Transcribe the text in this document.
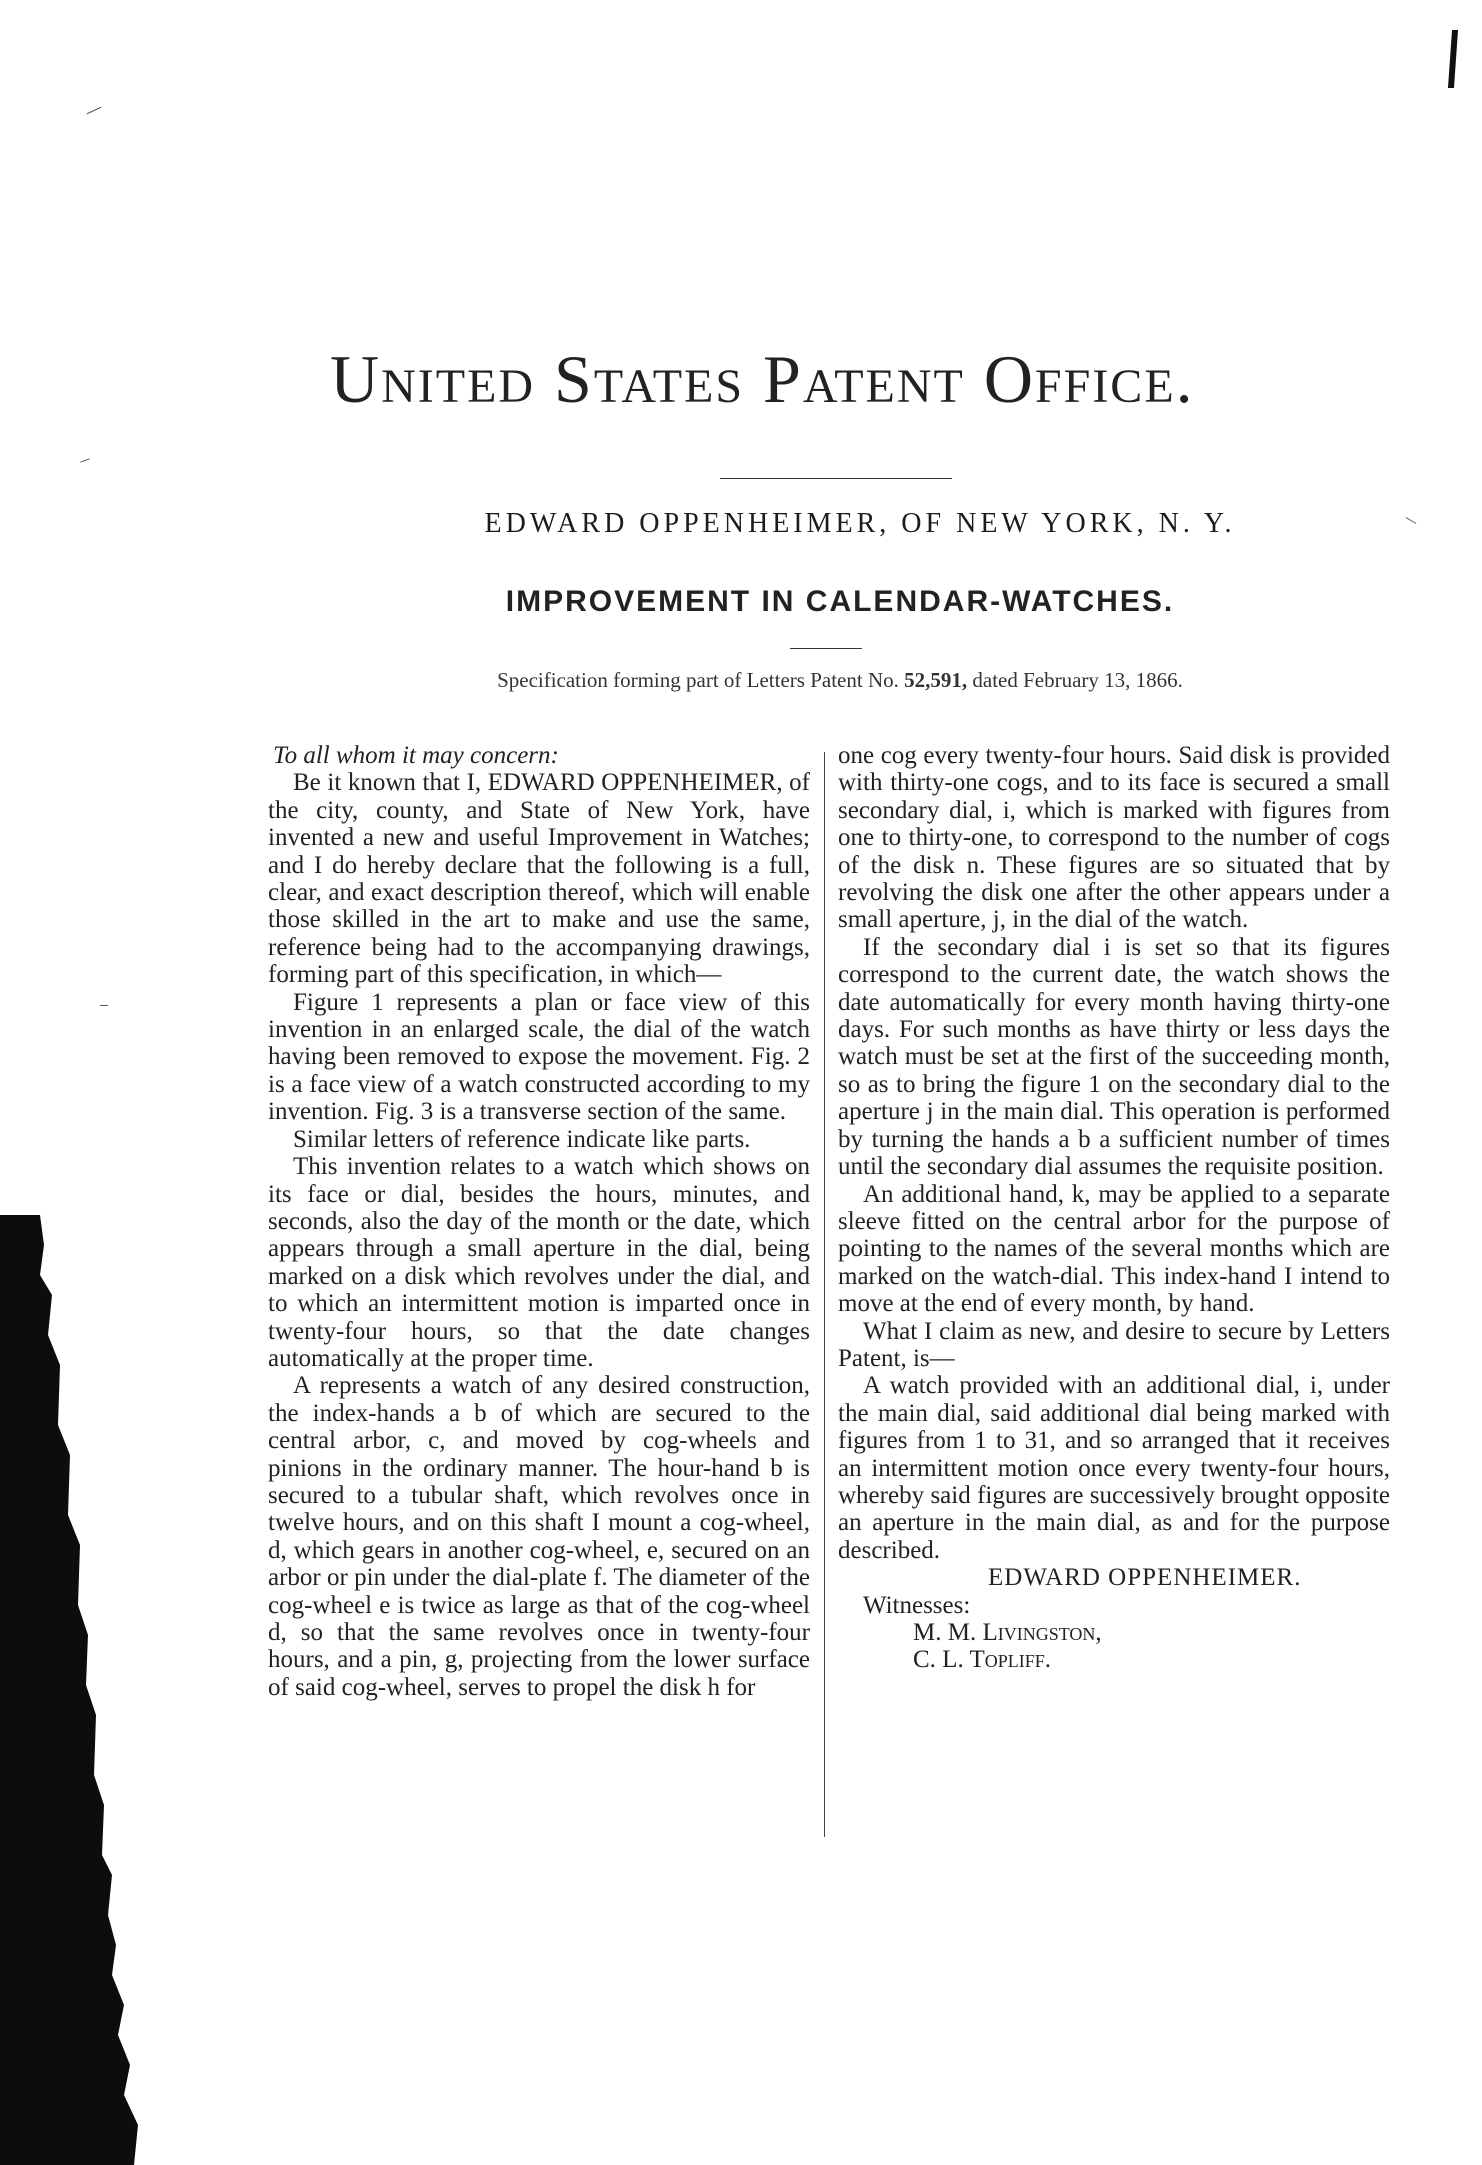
United States Patent Office.
EDWARD OPPENHEIMER, OF NEW YORK, N. Y.
IMPROVEMENT IN CALENDAR-WATCHES.
Specification forming part of Letters Patent No. 52,591, dated February 13, 1866.

To all whom it may concern:

Be it known that I, EDWARD OPPENHEIMER, of the city, county, and State of New York, have invented a new and useful Improvement in Watches; and I do hereby declare that the following is a full, clear, and exact description thereof, which will enable those skilled in the art to make and use the same, reference being had to the accompanying drawings, forming part of this specification, in which—

Figure 1 represents a plan or face view of this invention in an enlarged scale, the dial of the watch having been removed to expose the movement. Fig. 2 is a face view of a watch constructed according to my invention. Fig. 3 is a transverse section of the same.

Similar letters of reference indicate like parts.

This invention relates to a watch which shows on its face or dial, besides the hours, minutes, and seconds, also the day of the month or the date, which appears through a small aperture in the dial, being marked on a disk which revolves under the dial, and to which an intermittent motion is imparted once in twenty-four hours, so that the date changes automatically at the proper time.

A represents a watch of any desired construction, the index-hands a b of which are secured to the central arbor, c, and moved by cog-wheels and pinions in the ordinary manner. The hour-hand b is secured to a tubular shaft, which revolves once in twelve hours, and on this shaft I mount a cog-wheel, d, which gears in another cog-wheel, e, secured on an arbor or pin under the dial-plate f. The diameter of the cog-wheel e is twice as large as that of the cog-wheel d, so that the same revolves once in twenty-four hours, and a pin, g, projecting from the lower surface of said cog-wheel, serves to propel the disk h for

one cog every twenty-four hours. Said disk is provided with thirty-one cogs, and to its face is secured a small secondary dial, i, which is marked with figures from one to thirty-one, to correspond to the number of cogs of the disk n. These figures are so situated that by revolving the disk one after the other appears under a small aperture, j, in the dial of the watch.

If the secondary dial i is set so that its figures correspond to the current date, the watch shows the date automatically for every month having thirty-one days. For such months as have thirty or less days the watch must be set at the first of the succeeding month, so as to bring the figure 1 on the secondary dial to the aperture j in the main dial. This operation is performed by turning the hands a b a sufficient number of times until the secondary dial assumes the requisite position.

An additional hand, k, may be applied to a separate sleeve fitted on the central arbor for the purpose of pointing to the names of the several months which are marked on the watch-dial. This index-hand I intend to move at the end of every month, by hand.

What I claim as new, and desire to secure by Letters Patent, is—

A watch provided with an additional dial, i, under the main dial, said additional dial being marked with figures from 1 to 31, and so arranged that it receives an intermittent motion once every twenty-four hours, whereby said figures are successively brought opposite an aperture in the main dial, as and for the purpose described.

EDWARD OPPENHEIMER.

Witnesses:

M. M. Livingston,

C. L. Topliff.
